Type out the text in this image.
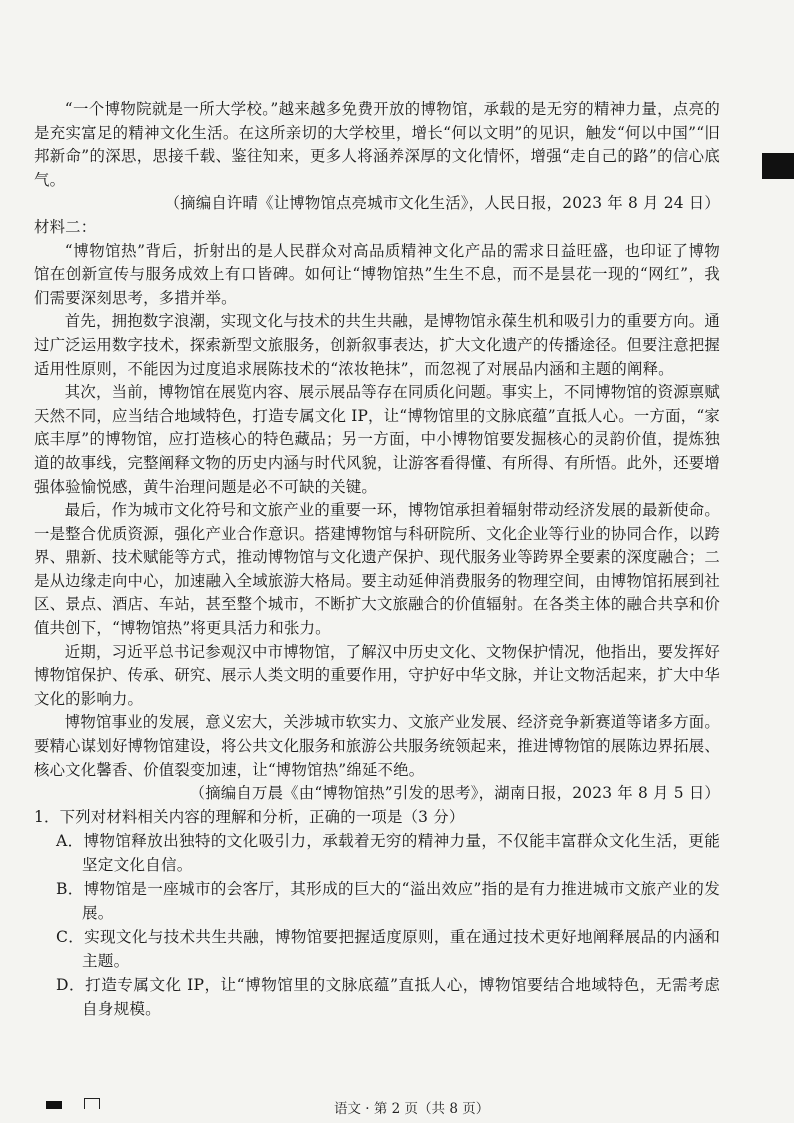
“一个博物院就是一所大学校。”越来越多免费开放的博物馆，承载的是无穷的精神力量，点亮的是充实富足的精神文化生活。在这所亲切的大学校里，增长“何以文明”的见识，触发“何以中国”“旧邦新命”的深思，思接千载、鉴往知来，更多人将涵养深厚的文化情怀，增强“走自己的路”的信心底气。

（摘编自许晴《让博物馆点亮城市文化生活》，人民日报，2023 年 8 月 24 日）

材料二：

“博物馆热”背后，折射出的是人民群众对高品质精神文化产品的需求日益旺盛，也印证了博物馆在创新宣传与服务成效上有口皆碑。如何让“博物馆热”生生不息，而不是昙花一现的“网红”，我们需要深刻思考，多措并举。

首先，拥抱数字浪潮，实现文化与技术的共生共融，是博物馆永葆生机和吸引力的重要方向。通过广泛运用数字技术，探索新型文旅服务，创新叙事表达，扩大文化遗产的传播途径。但要注意把握适用性原则，不能因为过度追求展陈技术的“浓妆艳抹”，而忽视了对展品内涵和主题的阐释。

其次，当前，博物馆在展览内容、展示展品等存在同质化问题。事实上，不同博物馆的资源禀赋天然不同，应当结合地域特色，打造专属文化 IP，让“博物馆里的文脉底蕴”直抵人心。一方面，“家底丰厚”的博物馆，应打造核心的特色藏品；另一方面，中小博物馆要发掘核心的灵韵价值，提炼独道的故事线，完整阐释文物的历史内涵与时代风貌，让游客看得懂、有所得、有所悟。此外，还要增强体验愉悦感，黄牛治理问题是必不可缺的关键。

最后，作为城市文化符号和文旅产业的重要一环，博物馆承担着辐射带动经济发展的最新使命。一是整合优质资源，强化产业合作意识。搭建博物馆与科研院所、文化企业等行业的协同合作，以跨界、鼎新、技术赋能等方式，推动博物馆与文化遗产保护、现代服务业等跨界全要素的深度融合；二是从边缘走向中心，加速融入全域旅游大格局。要主动延伸消费服务的物理空间，由博物馆拓展到社区、景点、酒店、车站，甚至整个城市，不断扩大文旅融合的价值辐射。在各类主体的融合共享和价值共创下，“博物馆热”将更具活力和张力。

近期，习近平总书记参观汉中市博物馆，了解汉中历史文化、文物保护情况，他指出，要发挥好博物馆保护、传承、研究、展示人类文明的重要作用，守护好中华文脉，并让文物活起来，扩大中华文化的影响力。

博物馆事业的发展，意义宏大，关涉城市软实力、文旅产业发展、经济竞争新赛道等诸多方面。要精心谋划好博物馆建设，将公共文化服务和旅游公共服务统领起来，推进博物馆的展陈边界拓展、核心文化馨香、价值裂变加速，让“博物馆热”绵延不绝。

（摘编自万晨《由“博物馆热”引发的思考》，湖南日报，2023 年 8 月 5 日）

1．下列对材料相关内容的理解和分析，正确的一项是（3 分）

A．博物馆释放出独特的文化吸引力，承载着无穷的精神力量，不仅能丰富群众文化生活，更能坚定文化自信。

B．博物馆是一座城市的会客厅，其形成的巨大的“溢出效应”指的是有力推进城市文旅产业的发展。

C．实现文化与技术共生共融，博物馆要把握适度原则，重在通过技术更好地阐释展品的内涵和主题。

D．打造专属文化 IP，让“博物馆里的文脉底蕴”直抵人心，博物馆要结合地域特色，无需考虑自身规模。

语文 · 第 2 页（共 8 页）
